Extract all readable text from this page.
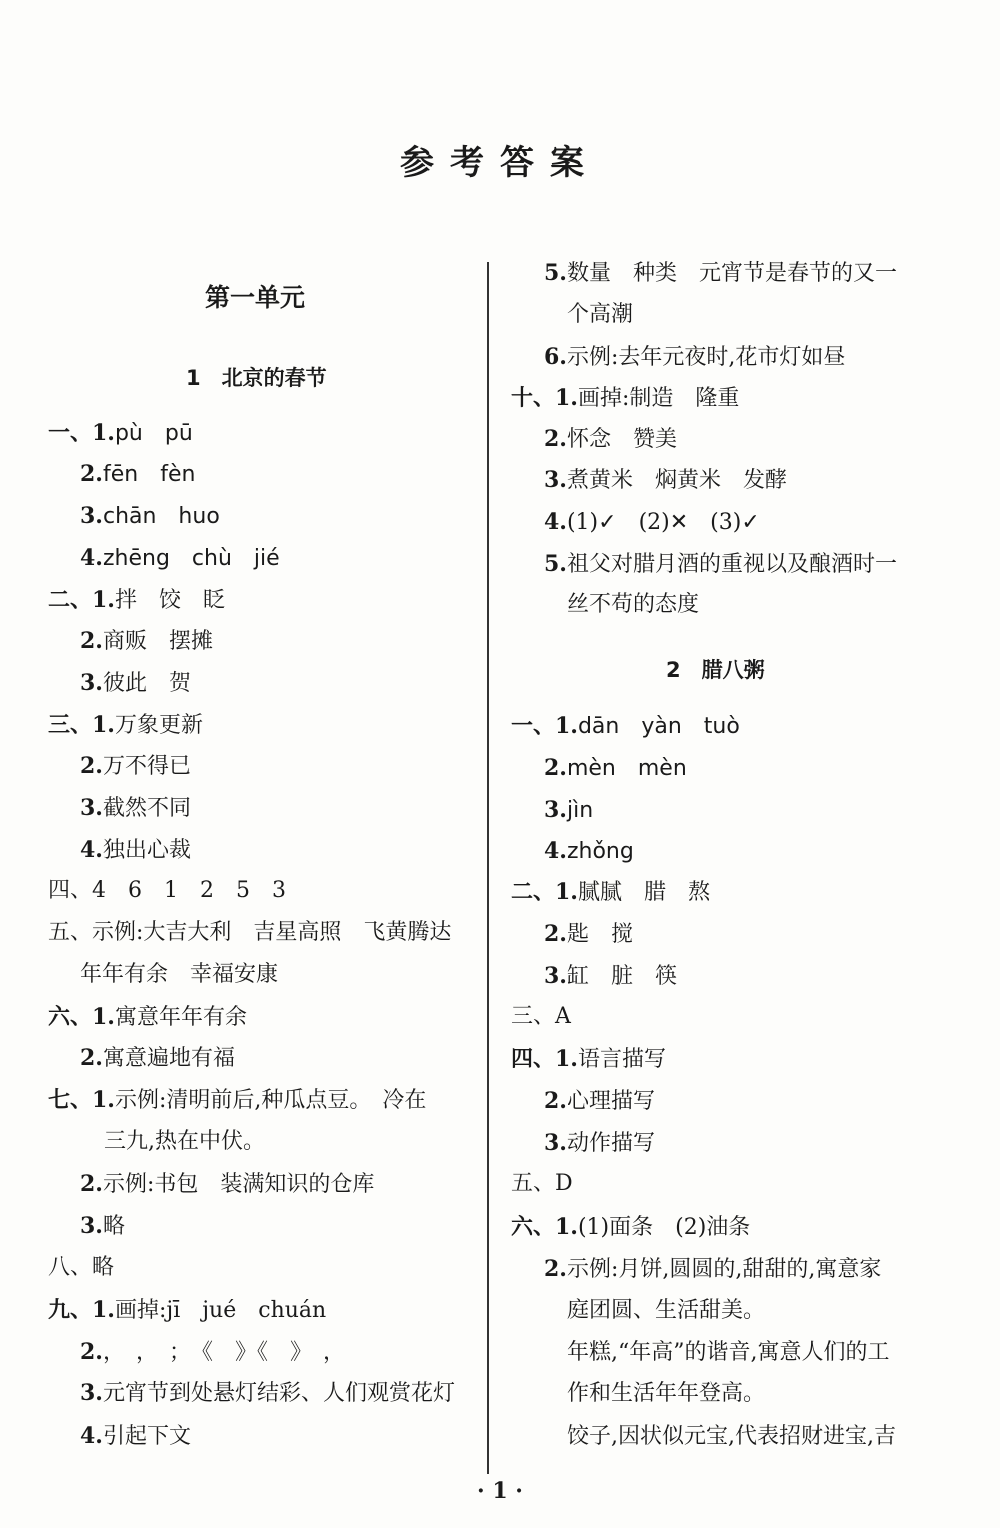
参考答案
第一单元
1　北京的春节
2　腊八粥
一、1.pù　pū
2.fēn　fèn
3.chān　huo
4.zhēng　chù　jié
二、1.拌　饺　眨
2.商贩　摆摊
3.彼此　贺
三、1.万象更新
2.万不得已
3.截然不同
4.独出心裁
四、4　6　1　2　5　3
五、示例:大吉大利　吉星高照　飞黄腾达
年年有余　幸福安康
六、1.寓意年年有余
2.寓意遍地有福
七、1.示例:清明前后,种瓜点豆。　冷在
三九,热在中伏。
2.示例:书包　装满知识的仓库
3.略
八、略
九、1.画掉:jī　jué　chuán
2.，　，　；　《　》《　》　，
3.元宵节到处悬灯结彩、人们观赏花灯
4.引起下文
5.数量　种类　元宵节是春节的又一
个高潮
6.示例:去年元夜时,花市灯如昼
十、1.画掉:制造　隆重
2.怀念　赞美
3.煮黄米　焖黄米　发酵
4.(1)✓　(2)✕　(3)✓
5.祖父对腊月酒的重视以及酿酒时一
丝不苟的态度
一、1.dān　yàn　tuò
2.mèn　mèn
3.jìn
4.zhǒng
二、1.腻腻　腊　熬
2.匙　搅
3.缸　脏　筷
三、A
四、1.语言描写
2.心理描写
3.动作描写
五、D
六、1.(1)面条　(2)油条
2.示例:月饼,圆圆的,甜甜的,寓意家
庭团圆、生活甜美。
年糕,“年高”的谐音,寓意人们的工
作和生活年年登高。
饺子,因状似元宝,代表招财进宝,吉
· 1 ·
